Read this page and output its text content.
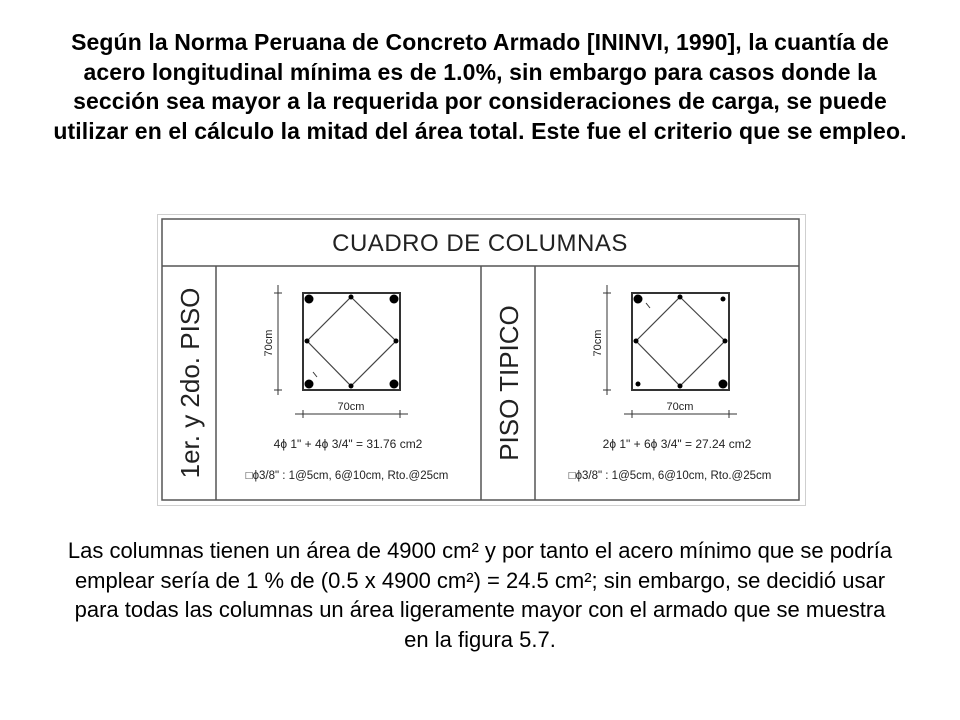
Según la Norma Peruana de Concreto Armado [ININVI, 1990], la cuantía de acero longitudinal mínima es de 1.0%, sin embargo para casos donde la sección sea mayor a la requerida por consideraciones de carga, se puede utilizar en el cálculo la mitad del área total. Este fue el criterio que se empleo.

CUADRO DE COLUMNAS
1er. y 2do. PISO	70cm
70cm
4ϕ 1" + 4ϕ 3/4" = 31.76 cm2
□ϕ3/8" : 1@5cm, 6@10cm, Rto.@25cm
PISO TIPICO	70cm
70cm
2ϕ 1" + 6ϕ 3/4" = 27.24 cm2
□ϕ3/8" : 1@5cm, 6@10cm, Rto.@25cm

Las columnas tienen un área de 4900 cm² y por tanto el acero mínimo que se podría emplear sería de 1 % de (0.5 x 4900 cm²) = 24.5 cm²; sin embargo, se decidió usar para todas las columnas un área ligeramente mayor con el armado que se muestra en la figura 5.7.
